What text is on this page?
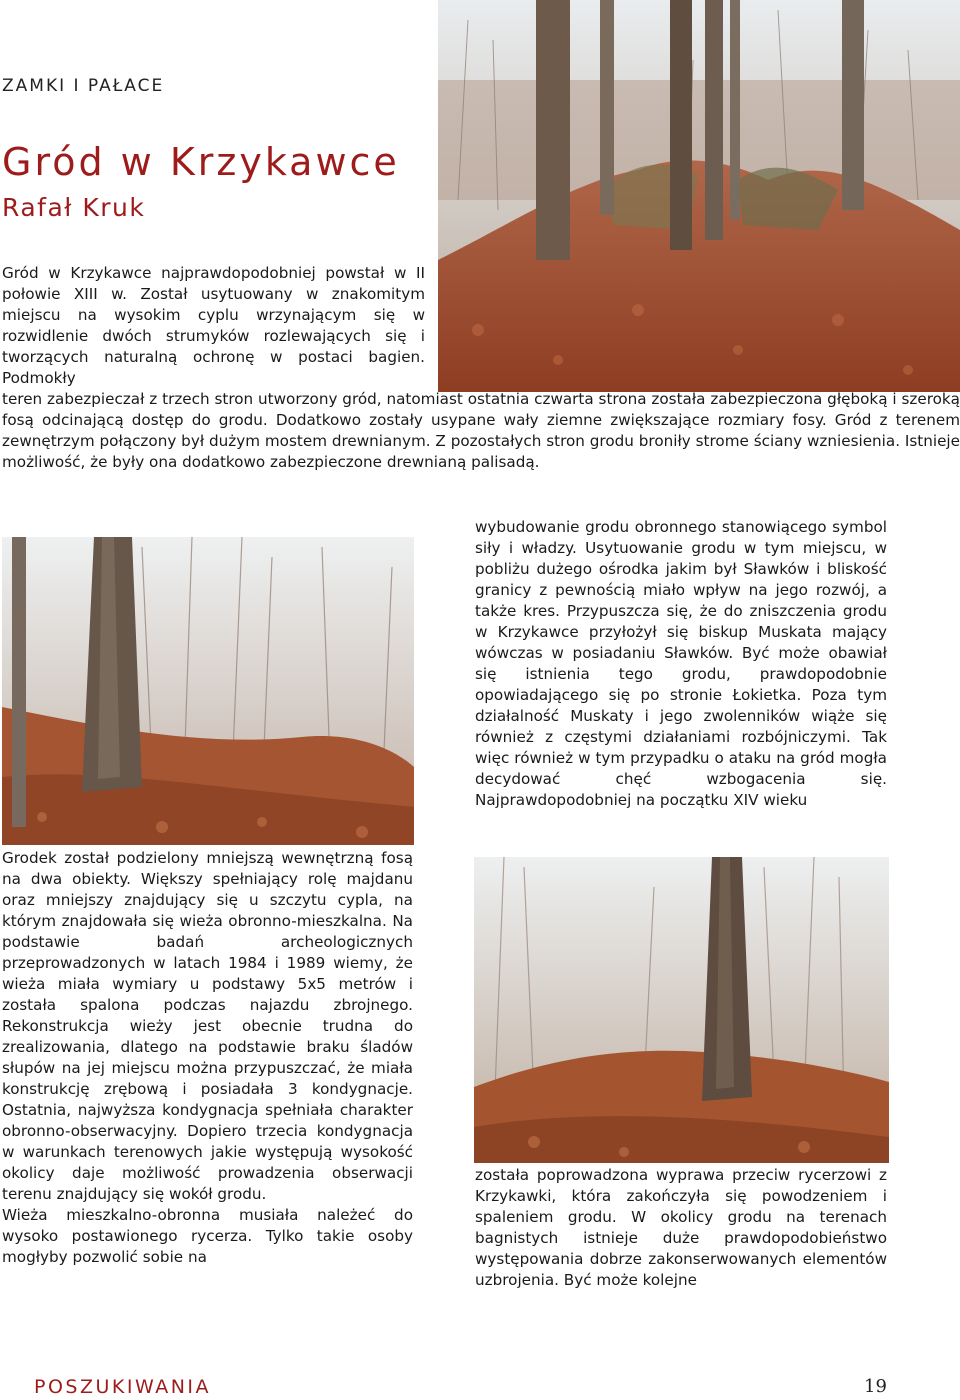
ZAMKI I PAŁACE
Gród w Krzykawce
Rafał Kruk
Gród w Krzykawce najprawdopodobniej powstał w II połowie XIII w. Został usytuowany w znakomitym miejscu na wysokim cyplu wrzynającym się w rozwidlenie dwóch strumyków rozlewających się i tworzących naturalną ochronę w postaci bagien. Podmokły
teren zabezpieczał z trzech stron utworzony gród, natomiast ostatnia czwarta strona została zabezpieczona głęboką i szeroką fosą odcinającą dostęp do grodu. Dodatkowo zostały usypane wały ziemne zwiększające rozmiary fosy. Gród z terenem zewnętrzym połączony był dużym mostem drewnianym. Z pozostałych stron grodu broniły strome ściany wzniesienia. Istnieje możliwość, że były ona dodatkowo zabezpieczone drewnianą palisadą.
wybudowanie grodu obronnego stanowiącego symbol siły i władzy. Usytuowanie grodu w tym miejscu, w pobliżu dużego ośrodka jakim był Sławków i bliskość granicy z pewnością miało wpływ na jego rozwój, a także kres. Przypuszcza się, że do zniszczenia grodu w Krzykawce przyłożył się biskup Muskata mający wówczas w posiadaniu Sławków. Być może obawiał się istnienia tego grodu, prawdopodobnie opowiadającego się po stronie Łokietka. Poza tym działalność Muskaty i jego zwolenników wiąże się również z częstymi działaniami rozbójniczymi. Tak więc również w tym przypadku o ataku na gród mogła decydować chęć wzbogacenia się. Najprawdopodobniej na początku XIV wieku
Grodek został podzielony mniejszą wewnętrzną fosą na dwa obiekty. Większy spełniający rolę majdanu oraz mniejszy znajdujący się u szczytu cypla, na którym znajdowała się wieża obronno-mieszkalna. Na podstawie badań archeologicznych przeprowadzonych w latach 1984 i 1989 wiemy, że wieża miała wymiary u podstawy 5x5 metrów i została spalona podczas najazdu zbrojnego. Rekonstrukcja wieży jest obecnie trudna do zrealizowania, dlatego na podstawie braku śladów słupów na jej miejscu można przypuszczać, że miała konstrukcję zrębową i posiadała 3 kondygnacje. Ostatnia, najwyższa kondygnacja spełniała charakter obronno-obserwacyjny. Dopiero trzecia kondygnacja w warunkach terenowych jakie występują wysokość okolicy daje możliwość prowadzenia obserwacji terenu znajdujący się wokół grodu.
Wieża mieszkalno-obronna musiała należeć do wysoko postawionego rycerza. Tylko takie osoby mogłyby pozwolić sobie na
została poprowadzona wyprawa przeciw rycerzowi z Krzykawki, która zakończyła się powodzeniem i spaleniem grodu. W okolicy grodu na terenach bagnistych istnieje duże prawdopodobieństwo występowania dobrze zakonserwowanych elementów uzbrojenia. Być może kolejne
POSZUKIWANIA	19
